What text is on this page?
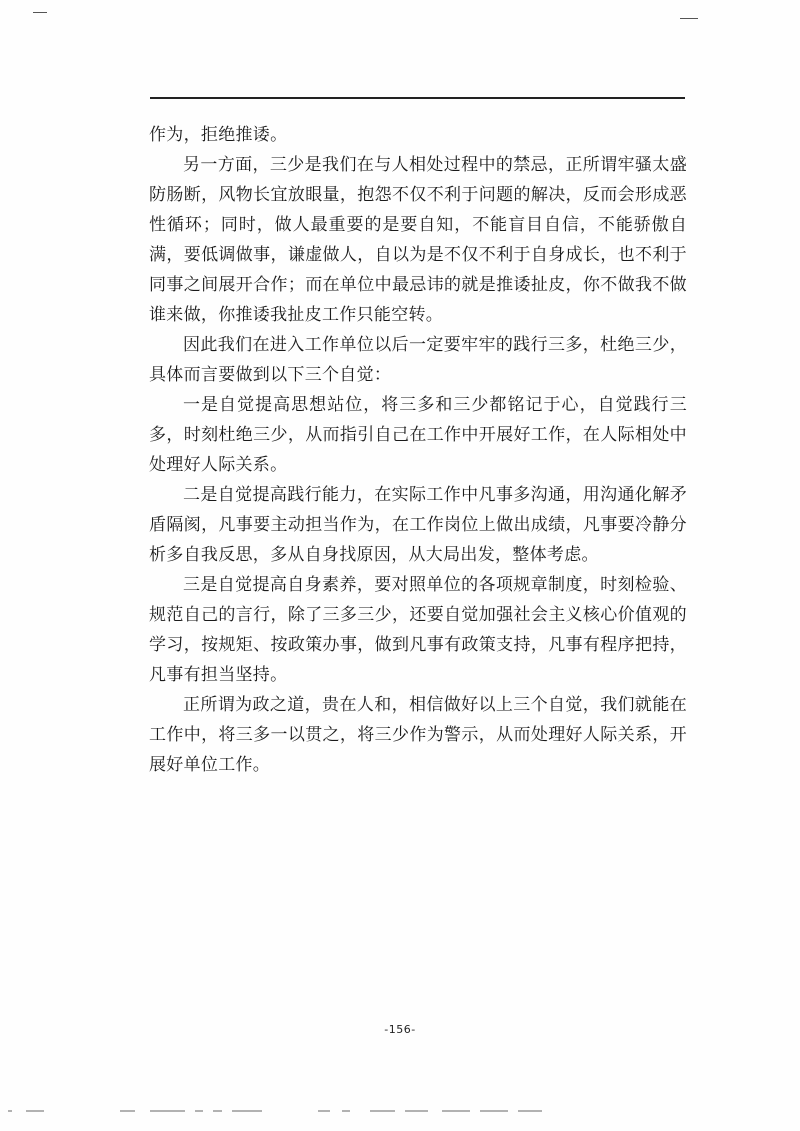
作为，拒绝推诿。

另一方面，三少是我们在与人相处过程中的禁忌，正所谓牢骚太盛防肠断，风物长宜放眼量，抱怨不仅不利于问题的解决，反而会形成恶性循环；同时，做人最重要的是要自知，不能盲目自信，不能骄傲自满，要低调做事，谦虚做人，自以为是不仅不利于自身成长，也不利于同事之间展开合作；而在单位中最忌讳的就是推诿扯皮，你不做我不做谁来做，你推诿我扯皮工作只能空转。

因此我们在进入工作单位以后一定要牢牢的践行三多，杜绝三少，具体而言要做到以下三个自觉：

一是自觉提高思想站位，将三多和三少都铭记于心，自觉践行三多，时刻杜绝三少，从而指引自己在工作中开展好工作，在人际相处中处理好人际关系。

二是自觉提高践行能力，在实际工作中凡事多沟通，用沟通化解矛盾隔阂，凡事要主动担当作为，在工作岗位上做出成绩，凡事要冷静分析多自我反思，多从自身找原因，从大局出发，整体考虑。

三是自觉提高自身素养，要对照单位的各项规章制度，时刻检验、规范自己的言行，除了三多三少，还要自觉加强社会主义核心价值观的学习，按规矩、按政策办事，做到凡事有政策支持，凡事有程序把持，凡事有担当坚持。

正所谓为政之道，贵在人和，相信做好以上三个自觉，我们就能在工作中，将三多一以贯之，将三少作为警示，从而处理好人际关系，开展好单位工作。

-156-
